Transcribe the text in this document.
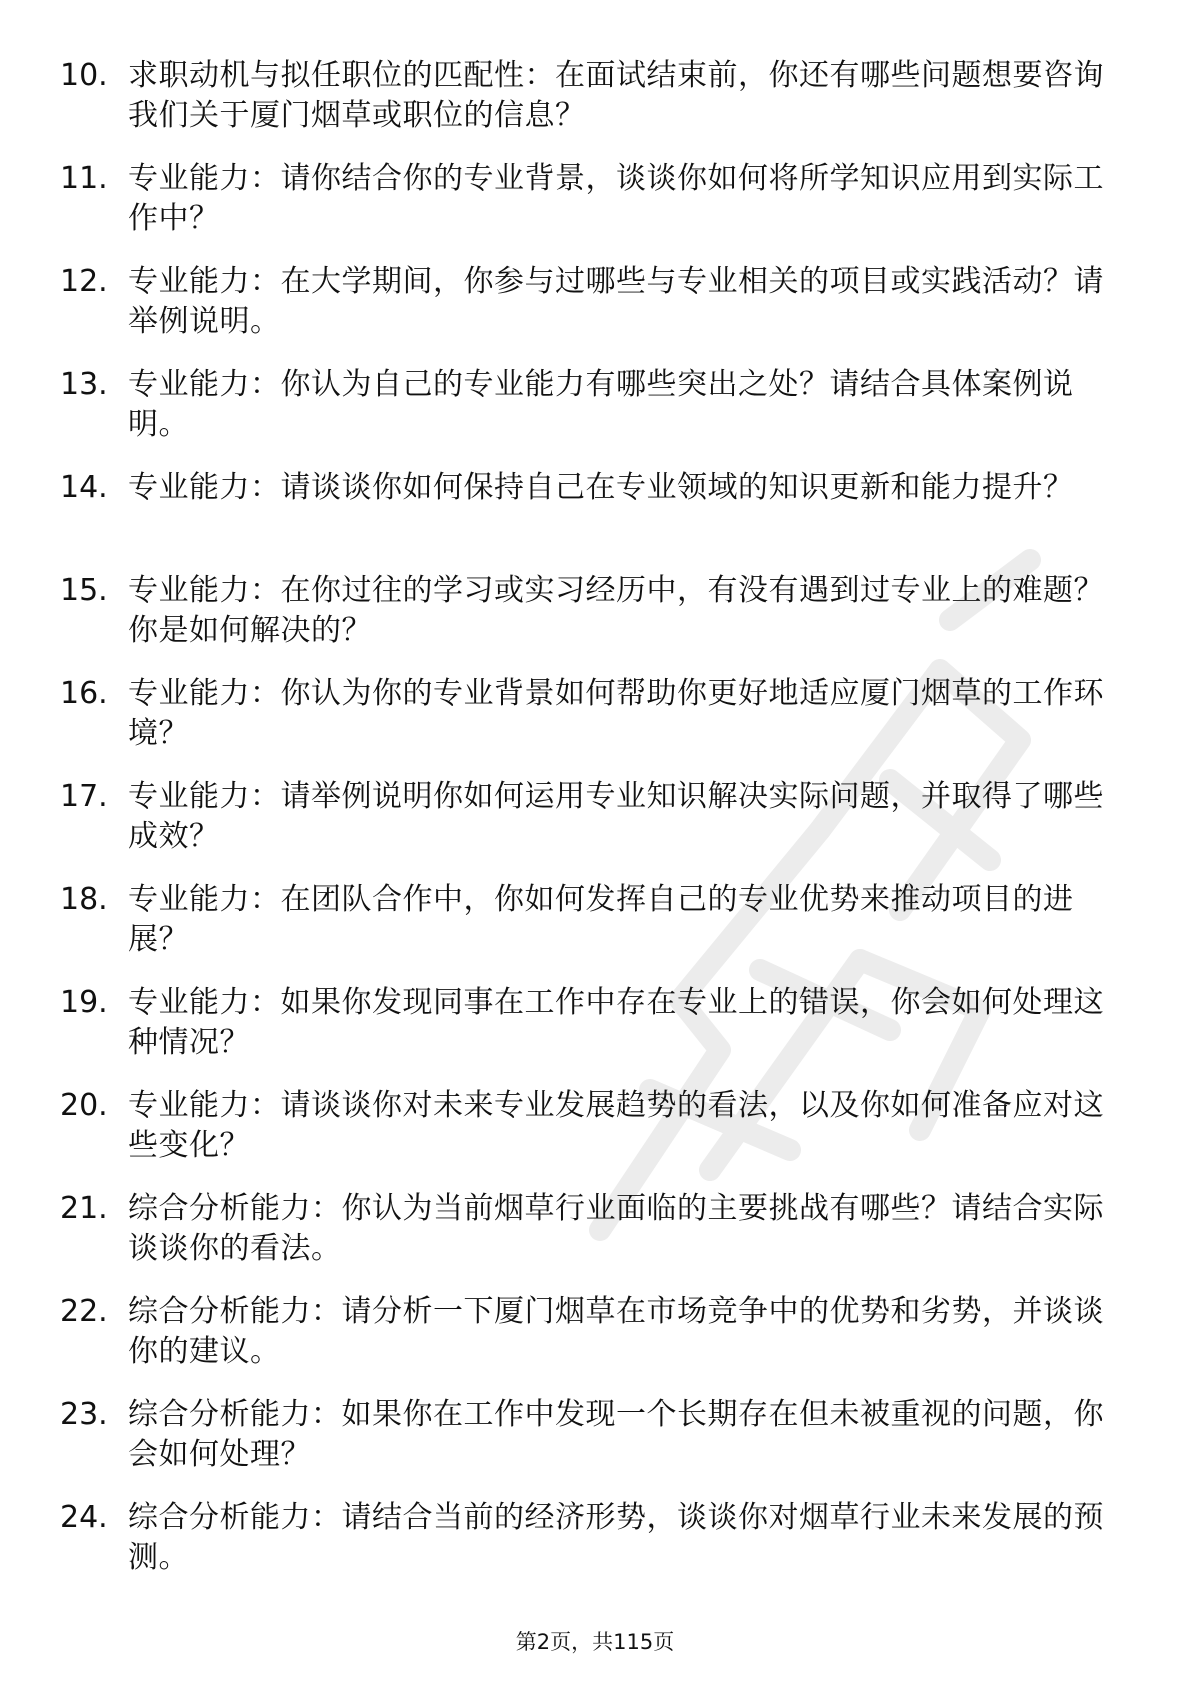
10. 求职动机与拟任职位的匹配性：在面试结束前，你还有哪些问题想要咨询我们关于厦门烟草或职位的信息？
11. 专业能力：请你结合你的专业背景，谈谈你如何将所学知识应用到实际工作中？
12. 专业能力：在大学期间，你参与过哪些与专业相关的项目或实践活动？请举例说明。
13. 专业能力：你认为自己的专业能力有哪些突出之处？请结合具体案例说明。
14. 专业能力：请谈谈你如何保持自己在专业领域的知识更新和能力提升？
15. 专业能力：在你过往的学习或实习经历中，有没有遇到过专业上的难题？你是如何解决的？
16. 专业能力：你认为你的专业背景如何帮助你更好地适应厦门烟草的工作环境？
17. 专业能力：请举例说明你如何运用专业知识解决实际问题，并取得了哪些成效？
18. 专业能力：在团队合作中，你如何发挥自己的专业优势来推动项目的进展？
19. 专业能力：如果你发现同事在工作中存在专业上的错误，你会如何处理这种情况？
20. 专业能力：请谈谈你对未来专业发展趋势的看法，以及你如何准备应对这些变化？
21. 综合分析能力：你认为当前烟草行业面临的主要挑战有哪些？请结合实际谈谈你的看法。
22. 综合分析能力：请分析一下厦门烟草在市场竞争中的优势和劣势，并谈谈你的建议。
23. 综合分析能力：如果你在工作中发现一个长期存在但未被重视的问题，你会如何处理？
24. 综合分析能力：请结合当前的经济形势，谈谈你对烟草行业未来发展的预测。
第2页，共115页
